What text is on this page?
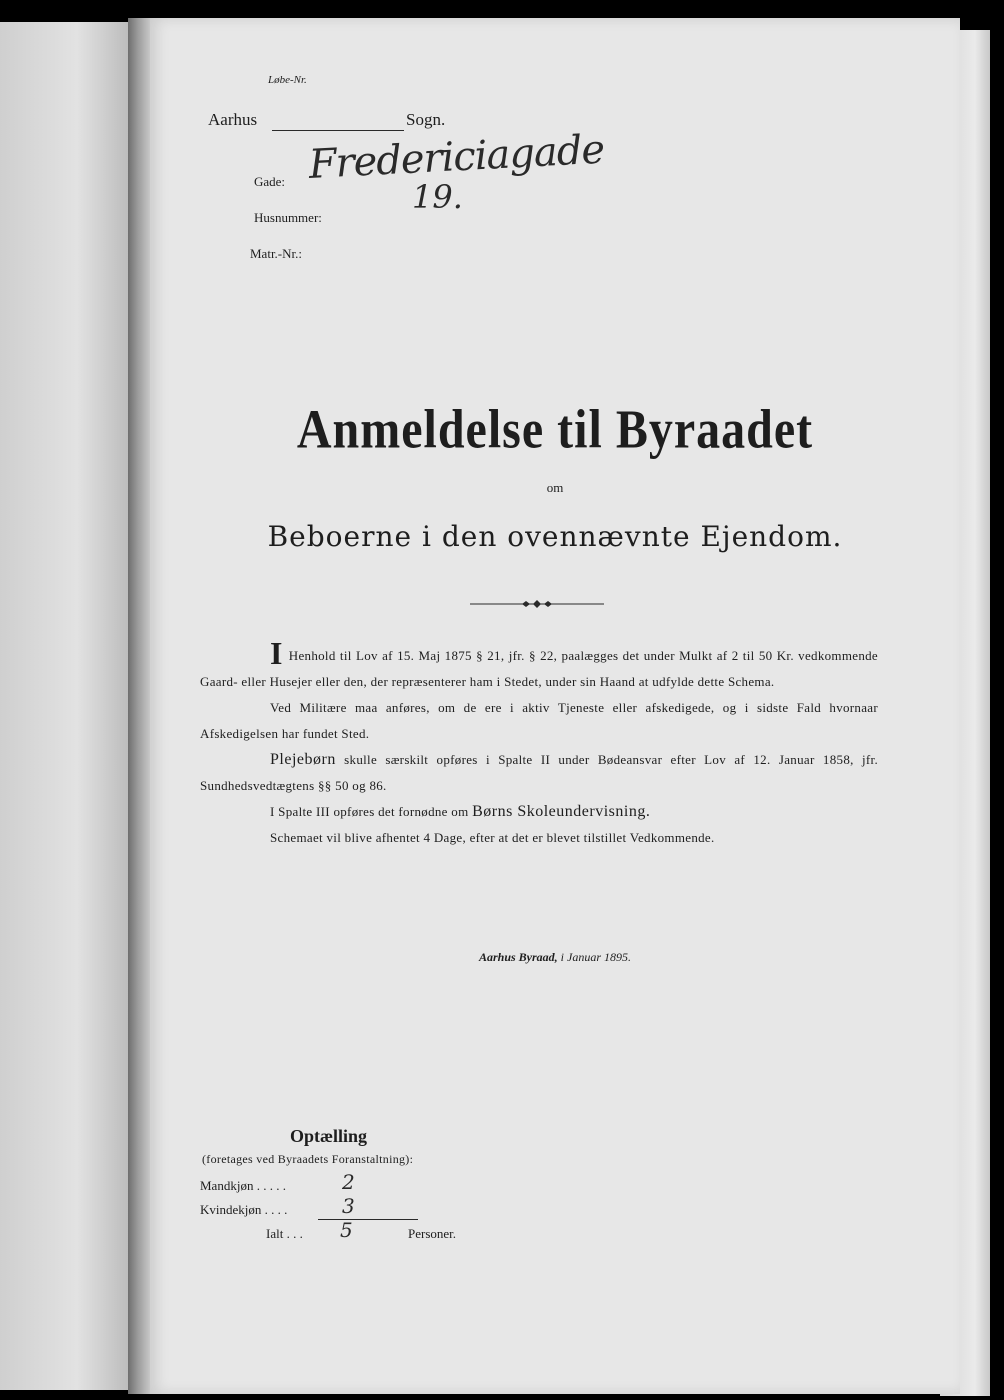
Løbe-Nr.
Aarhus	Sogn.
Gade: Fredericiagade
Husnummer:
19.
Matr.-Nr.:
Anmeldelse til Byraadet
om
Beboerne i den ovennævnte Ejendom.

I Henhold til Lov af 15. Maj 1875 § 21, jfr. § 22, paalægges det under Mulkt af 2 til 50 Kr. vedkommende Gaard- eller Husejer eller den, der repræsenterer ham i Stedet, under sin Haand at udfylde dette Schema.

Ved Militære maa anføres, om de ere i aktiv Tjeneste eller afskedigede, og i sidste Fald hvornaar Afskedigelsen har fundet Sted.

Plejebørn skulle særskilt opføres i Spalte II under Bødeansvar efter Lov af 12. Januar 1858, jfr. Sundhedsvedtægtens §§ 50 og 86.

I Spalte III opføres det fornødne om Børns Skoleundervisning.

Schemaet vil blive afhentet 4 Dage, efter at det er blevet tilstillet Vedkommende.

Aarhus Byraad, i Januar 1895.
Optælling
(foretages ved Byraadets Foranstaltning):
Mandkjøn . . . . .	2
Kvindekjøn . . . .	3
Ialt . . . 5	Personer.
